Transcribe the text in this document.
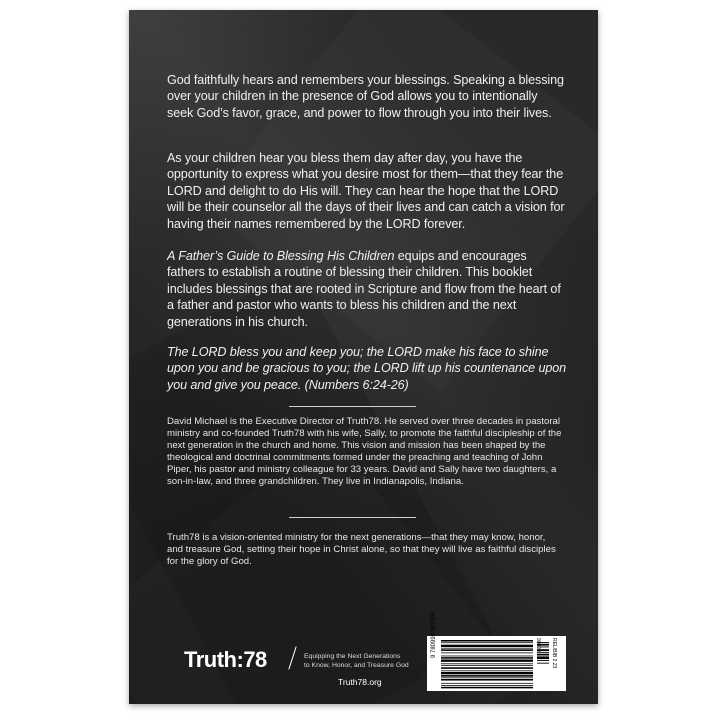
God faithfully hears and remembers your blessings. Speaking a blessing over your children in the presence of God allows you to intentionally seek God’s favor, grace, and power to flow through you into their lives.

As your children hear you bless them day after day, you have the opportunity to express what you desire most for them—that they fear the LORD and delight to do His will. They can hear the hope that the LORD will be their counselor all the days of their lives and can catch a vision for having their names remembered by the LORD forever.

A Father’s Guide to Blessing His Children equips and encourages fathers to establish a routine of blessing their children. This booklet includes blessings that are rooted in Scripture and flow from the heart of a father and pastor who wants to bless his children and the next generations in his church.

The LORD bless you and keep you; the LORD make his face to shine upon you and be gracious to you; the LORD lift up his countenance upon you and give you peace. (Numbers 6:24-26)

David Michael is the Executive Director of Truth78. He served over three decades in pastoral ministry and co-founded Truth78 with his wife, Sally, to promote the faithful discipleship of the next generation in the church and home. This vision and mission has been shaped by the theological and doctrinal commitments formed under the preaching and teaching of John Piper, his pastor and ministry colleague for 33 years. David and Sally have two daughters, a son-in-law, and three grandchildren. They live in Indianapolis, Indiana.

Truth78 is a vision-oriented ministry for the next generations—that they may know, honor, and treasure God, setting their hope in Christ alone, so that they will live as faithful disciples for the glory of God.

Truth:78	Equipping the Next Generations
to Know, Honor, and Treasure God

Truth78.org
9 780998 987004	90000 REL/BIB 2.23
